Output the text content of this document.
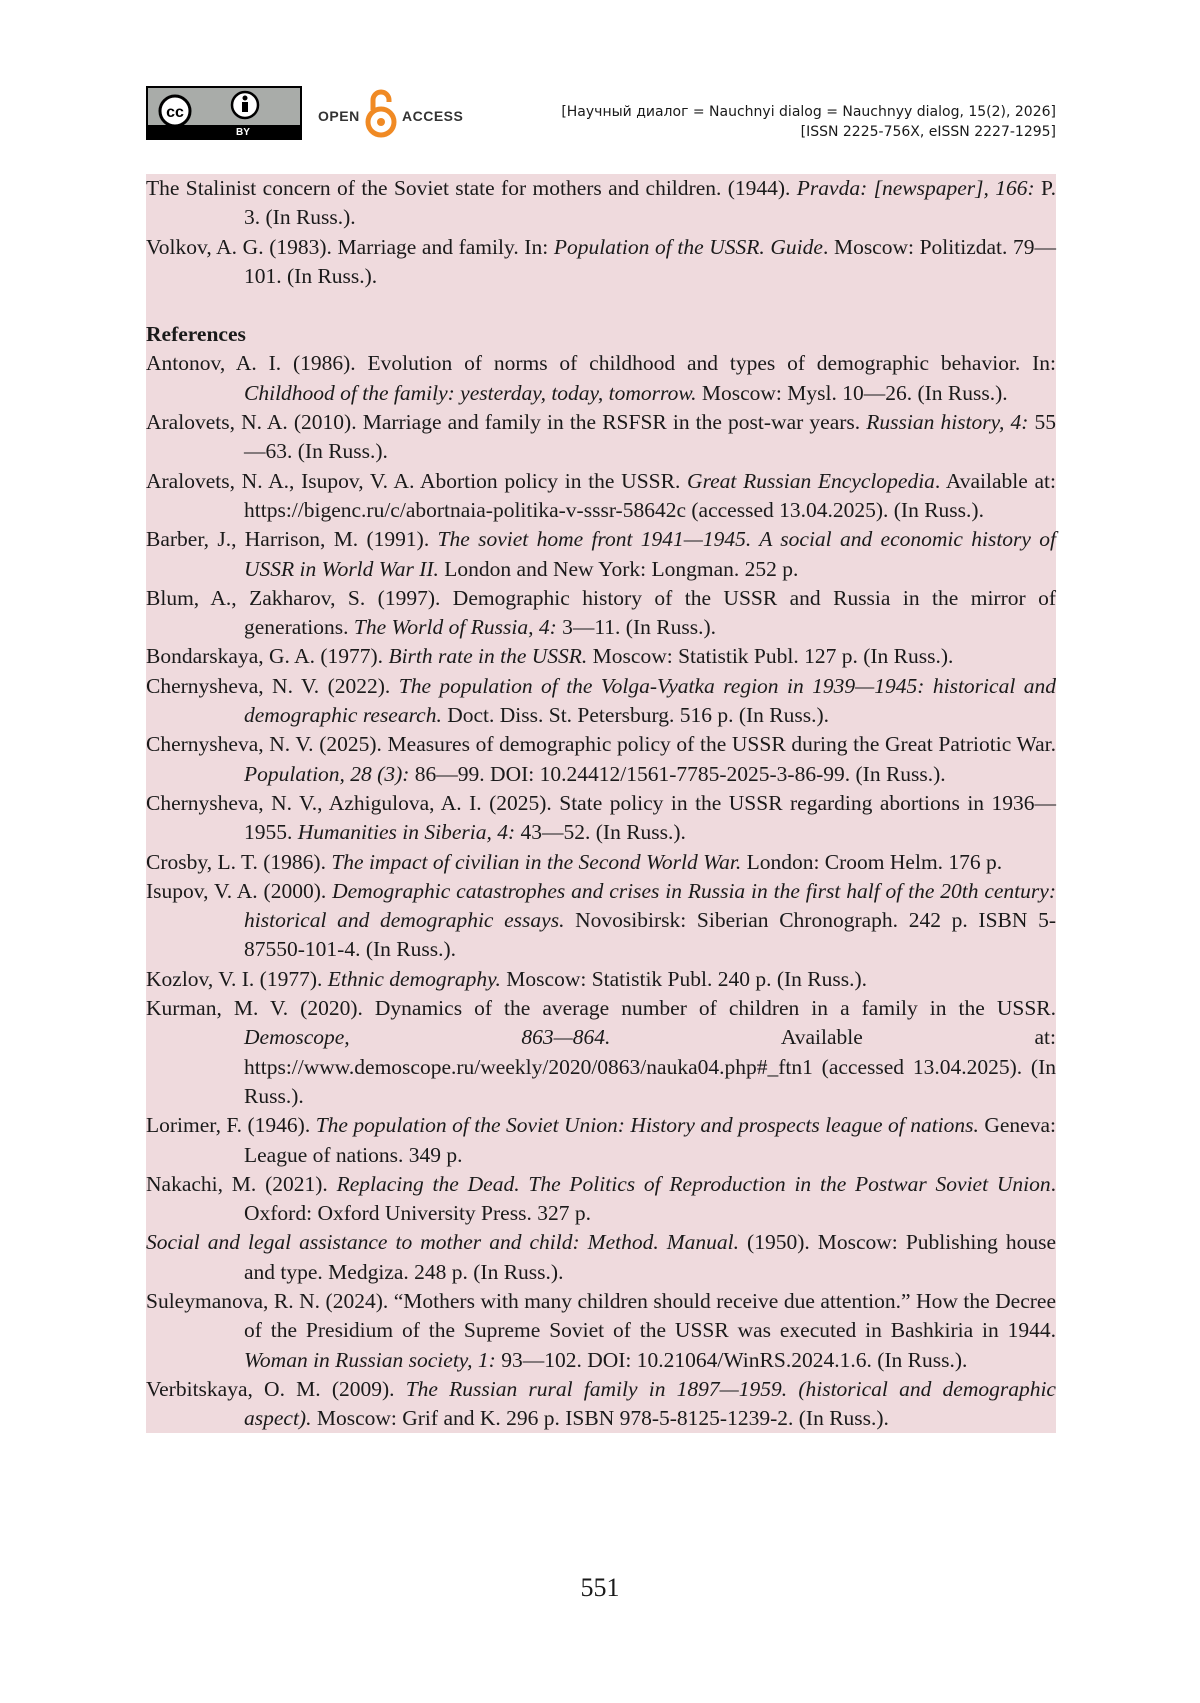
cc
BY
OPEN	ACCESS	[Научный диалог = Nauchnyi dialog = Nauchnyy dialog, 15(2), 2026]
[ISSN 2225-756X, eISSN 2227-1295]
The Stalinist concern of the Soviet state for mothers and children. (1944). Pravda: [newspaper], 166: P. 3. (In Russ.).
Volkov, A. G. (1983). Marriage and family. In: Population of the USSR. Guide. Moscow: Politizdat. 79—101. (In Russ.).
References
Antonov, A. I. (1986). Evolution of norms of childhood and types of demographic behavior. In: Childhood of the family: yesterday, today, tomorrow. Moscow: Mysl. 10—26. (In Russ.).
Aralovets, N. A. (2010). Marriage and family in the RSFSR in the post-war years. Russian history, 4: 55—63. (In Russ.).
Aralovets, N. A., Isupov, V. A. Abortion policy in the USSR. Great Russian Encyclopedia. Available at: https://bigenc.ru/c/abortnaia-politika-v-sssr-58642c (accessed 13.04.2025). (In Russ.).
Barber, J., Harrison, M. (1991). The soviet home front 1941—1945. A social and economic history of USSR in World War II. London and New York: Longman. 252 p.
Blum, A., Zakharov, S. (1997). Demographic history of the USSR and Russia in the mirror of generations. The World of Russia, 4: 3—11. (In Russ.).
Bondarskaya, G. A. (1977). Birth rate in the USSR. Moscow: Statistik Publ. 127 p. (In Russ.).
Chernysheva, N. V. (2022). The population of the Volga-Vyatka region in 1939—1945: historical and demographic research. Doct. Diss. St. Petersburg. 516 p. (In Russ.).
Chernysheva, N. V. (2025). Measures of demographic policy of the USSR during the Great Patriotic War. Population, 28 (3): 86—99. DOI: 10.24412/1561-7785-2025-3-86-99. (In Russ.).
Chernysheva, N. V., Azhigulova, A. I. (2025). State policy in the USSR regarding abortions in 1936—1955. Humanities in Siberia, 4: 43—52. (In Russ.).
Crosby, L. T. (1986). The impact of civilian in the Second World War. London: Croom Helm. 176 p.
Isupov, V. A. (2000). Demographic catastrophes and crises in Russia in the first half of the 20th century: historical and demographic essays. Novosibirsk: Siberian Chronograph. 242 p. ISBN 5-87550-101-4. (In Russ.).
Kozlov, V. I. (1977). Ethnic demography. Moscow: Statistik Publ. 240 p. (In Russ.).
Kurman, M. V. (2020). Dynamics of the average number of children in a family in the USSR. Demoscope, 863—864. Available at: https://www.demoscope.ru/weekly/2020/0863/nauka04.php#_ftn1 (accessed 13.04.2025). (In Russ.).
Lorimer, F. (1946). The population of the Soviet Union: History and prospects league of nations. Geneva: League of nations. 349 p.
Nakachi, M. (2021). Replacing the Dead. The Politics of Reproduction in the Postwar Soviet Union. Oxford: Oxford University Press. 327 p.
Social and legal assistance to mother and child: Method. Manual. (1950). Moscow: Publishing house and type. Medgiza. 248 p. (In Russ.).
Suleymanova, R. N. (2024). “Mothers with many children should receive due attention.” How the Decree of the Presidium of the Supreme Soviet of the USSR was executed in Bashkiria in 1944. Woman in Russian society, 1: 93—102. DOI: 10.21064/WinRS.2024.1.6. (In Russ.).
Verbitskaya, O. M. (2009). The Russian rural family in 1897—1959. (historical and demographic aspect). Moscow: Grif and K. 296 p. ISBN 978-5-8125-1239-2. (In Russ.).
551
